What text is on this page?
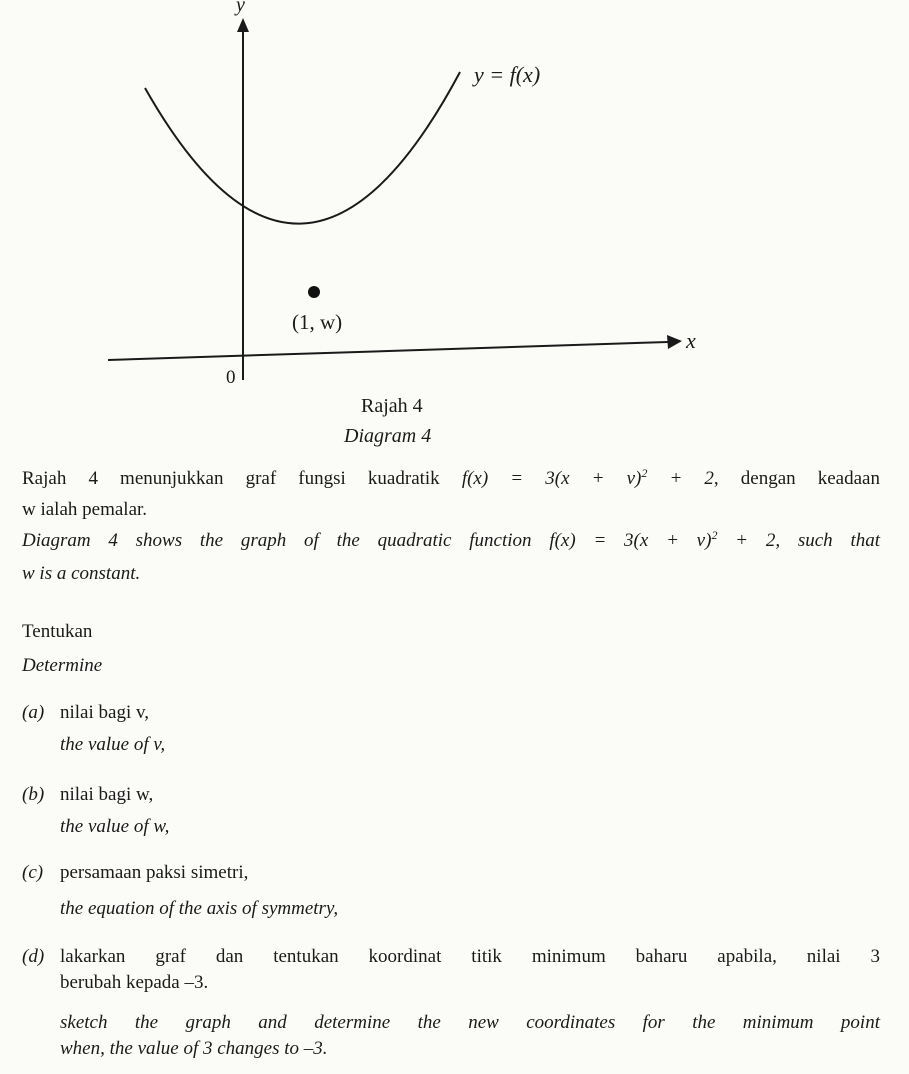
y
x
0
y = f(x)
(1, w)
Rajah 4
Diagram 4
Rajah 4 menunjukkan graf fungsi kuadratik $f(x) = 3(x + v)^2 + 2$, dengan keadaan
w ialah pemalar.
Diagram 4 shows the graph of the quadratic function $f(x) = 3(x + v)^2 + 2$, such that
w is a constant.
Tentukan
Determine
(a) nilai bagi v,
the value of v,
(b) nilai bagi w,
the value of w,
(c) persamaan paksi simetri,
the equation of the axis of symmetry,
(d) lakarkan graf dan tentukan koordinat titik minimum baharu apabila, nilai 3
berubah kepada –3.
sketch the graph and determine the new coordinates for the minimum point
when, the value of 3 changes to –3.
